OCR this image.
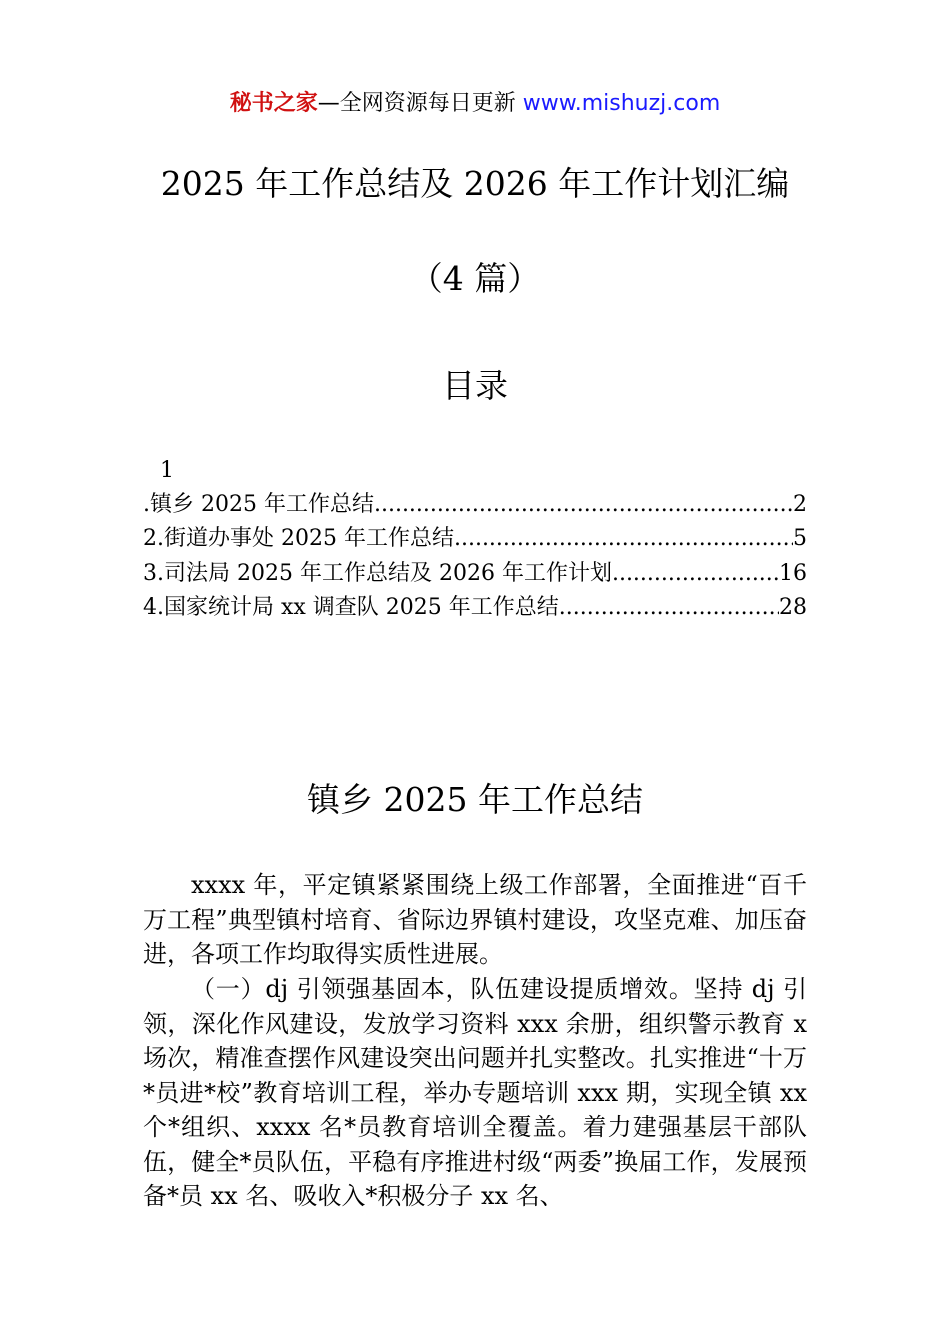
秘书之家—全网资源每日更新 www.mishuzj.com
2025 年工作总结及 2026 年工作计划汇编
（4 篇）
目录
1
.镇乡 2025 年工作总结 .....	2
2.街道办事处 2025 年工作总结 .....	5
3.司法局 2025 年工作总结及 2026 年工作计划 .....	16
4.国家统计局 xx 调查队 2025 年工作总结 .....	28
镇乡 2025 年工作总结

xxxx 年，平定镇紧紧围绕上级工作部署，全面推进“百千万工程”典型镇村培育、省际边界镇村建设，攻坚克难、加压奋进，各项工作均取得实质性进展。

（一）dj 引领强基固本，队伍建设提质增效。坚持 dj 引领，深化作风建设，发放学习资料 xxx 余册，组织警示教育 x 场次，精准查摆作风建设突出问题并扎实整改。扎实推进“十万*员进*校”教育培训工程，举办专题培训 xxx 期，实现全镇 xx 个*组织、xxxx 名*员教育培训全覆盖。着力建强基层干部队伍，健全*员队伍，平稳有序推进村级“两委”换届工作，发展预备*员 xx 名、吸收入*积极分子 xx 名、
